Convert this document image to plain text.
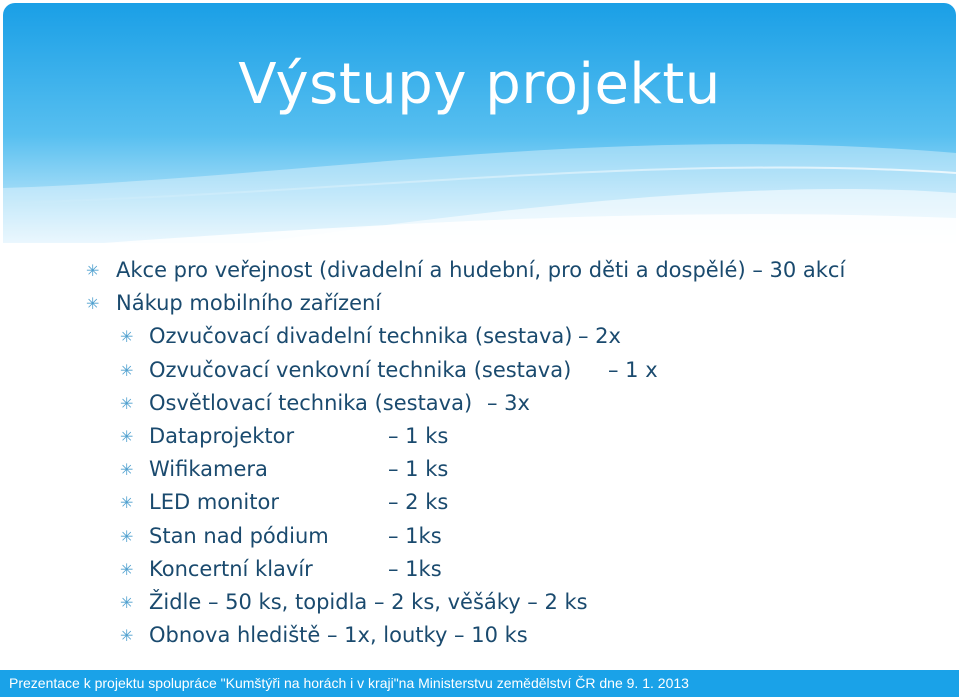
Výstupy projektu
✳ Akce pro veřejnost (divadelní a hudební, pro děti a dospělé) – 30 akcí
✳ Nákup mobilního zařízení
✳ Ozvučovací divadelní technika (sestava) – 2x
✳ Ozvučovací venkovní technika (sestava) – 1 x
✳ Osvětlovací technika (sestava) – 3x
✳ Dataprojektor	– 1 ks
✳ Wifikamera	– 1 ks
✳ LED monitor	– 2 ks
✳ Stan nad pódium	– 1ks
✳ Koncertní klavír	– 1ks
✳ Židle – 50 ks, topidla – 2 ks, věšáky – 2 ks
✳ Obnova hlediště – 1x, loutky – 10 ks
Prezentace k projektu spolupráce "Kumštýři na horách i v kraji"na Ministerstvu zemědělství ČR dne 9. 1. 2013
